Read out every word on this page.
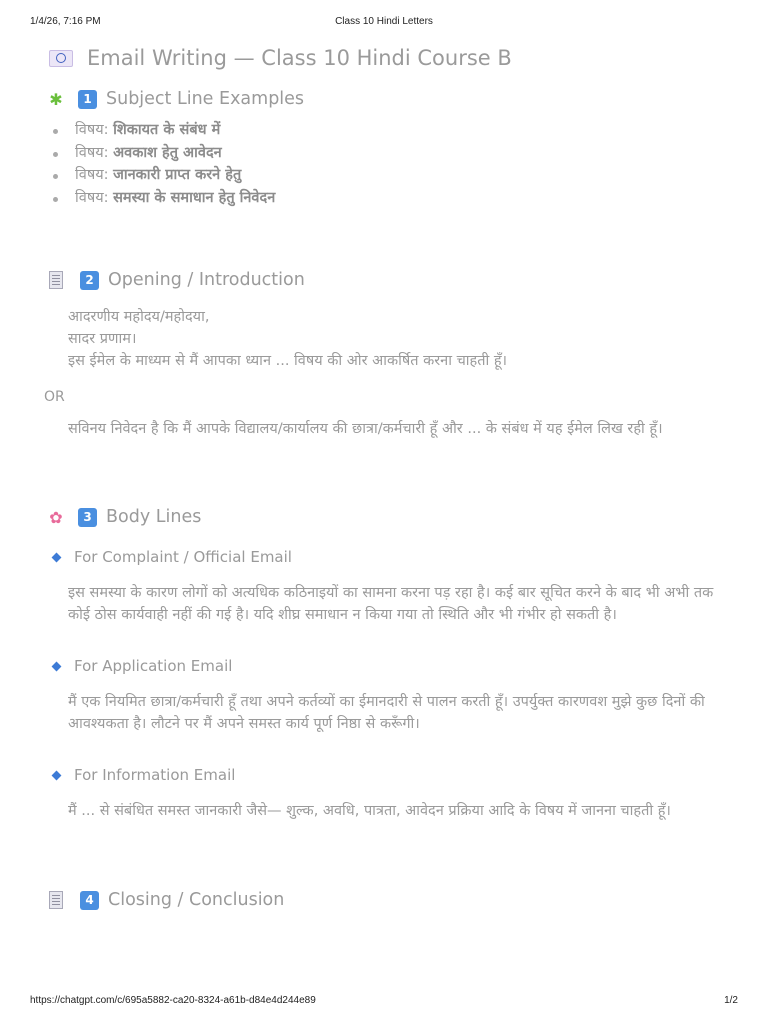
1/4/26, 7:16 PM	Class 10 Hindi Letters
Email Writing — Class 10 Hindi Course B
✱	1 Subject Line Examples
विषय: शिकायत के संबंध में
विषय: अवकाश हेतु आवेदन
विषय: जानकारी प्राप्त करने हेतु
विषय: समस्या के समाधान हेतु निवेदन
2 Opening / Introduction
आदरणीय महोदय/महोदया,
सादर प्रणाम।
इस ईमेल के माध्यम से मैं आपका ध्यान ... विषय की ओर आकर्षित करना चाहती हूँ।
OR
सविनय निवेदन है कि मैं आपके विद्यालय/कार्यालय की छात्रा/कर्मचारी हूँ और ... के संबंध में यह ईमेल लिख रही हूँ।
✿	3 Body Lines
For Complaint / Official Email
इस समस्या के कारण लोगों को अत्यधिक कठिनाइयों का सामना करना पड़ रहा है। कई बार सूचित करने के बाद भी अभी तक कोई ठोस कार्यवाही नहीं की गई है। यदि शीघ्र समाधान न किया गया तो स्थिति और भी गंभीर हो सकती है।
For Application Email
मैं एक नियमित छात्रा/कर्मचारी हूँ तथा अपने कर्तव्यों का ईमानदारी से पालन करती हूँ। उपर्युक्त कारणवश मुझे कुछ दिनों की आवश्यकता है। लौटने पर मैं अपने समस्त कार्य पूर्ण निष्ठा से करूँगी।
For Information Email
मैं ... से संबंधित समस्त जानकारी जैसे— शुल्क, अवधि, पात्रता, आवेदन प्रक्रिया आदि के विषय में जानना चाहती हूँ।
4 Closing / Conclusion
https://chatgpt.com/c/695a5882-ca20-8324-a61b-d84e4d244e89	1/2
